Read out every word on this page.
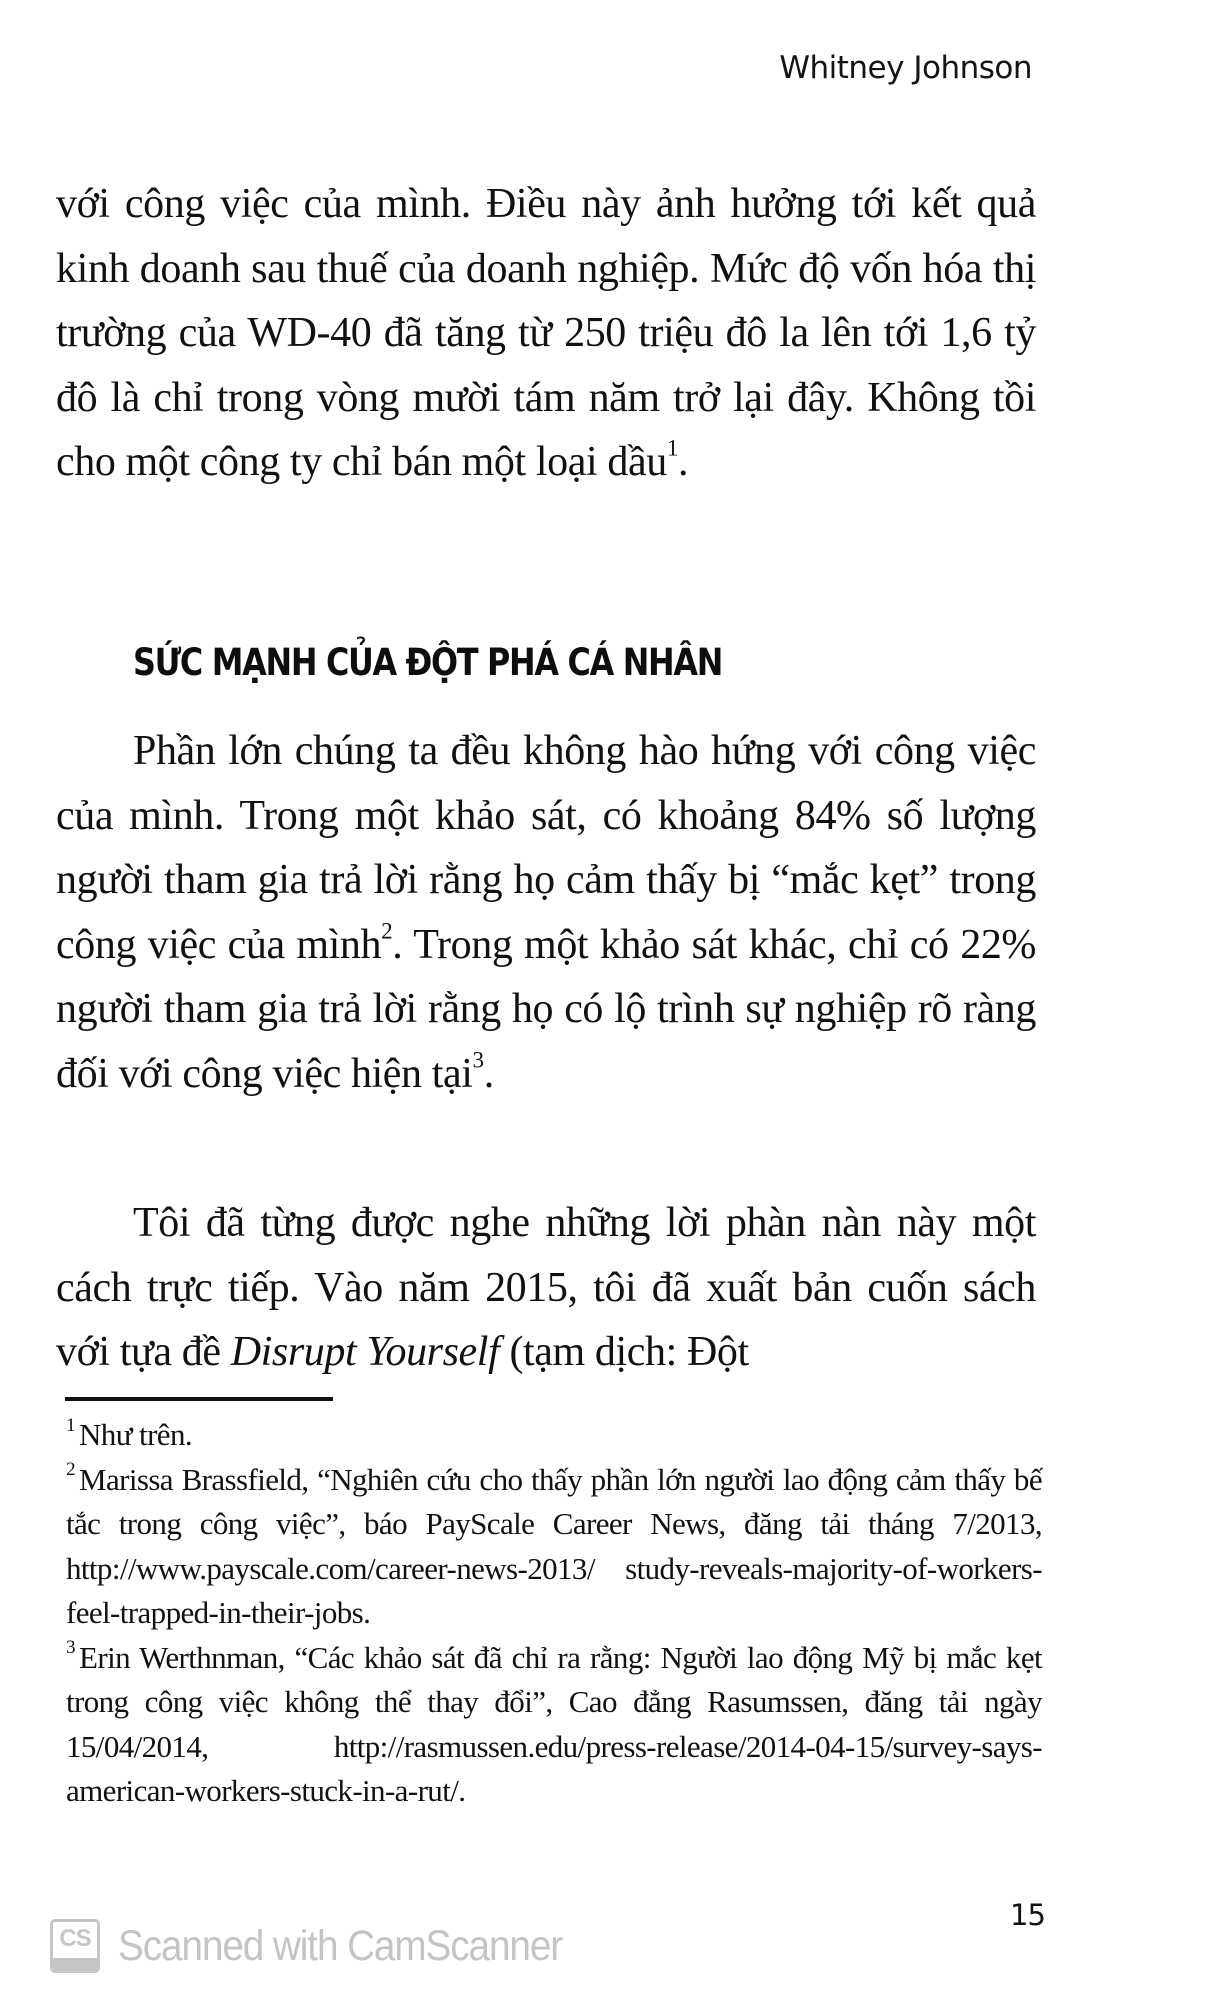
Whitney Johnson

với công việc của mình. Điều này ảnh hưởng tới kết quả kinh doanh sau thuế của doanh nghiệp. Mức độ vốn hóa thị trường của WD-40 đã tăng từ 250 triệu đô la lên tới 1,6 tỷ đô là chỉ trong vòng mười tám năm trở lại đây. Không tồi cho một công ty chỉ bán một loại dầu$^1$.

SỨC MẠNH CỦA ĐỘT PHÁ CÁ NHÂN

Phần lớn chúng ta đều không hào hứng với công việc của mình. Trong một khảo sát, có khoảng 84% số lượng người tham gia trả lời rằng họ cảm thấy bị “mắc kẹt” trong công việc của mình$^2$. Trong một khảo sát khác, chỉ có 22% người tham gia trả lời rằng họ có lộ trình sự nghiệp rõ ràng đối với công việc hiện tại$^3$.

Tôi đã từng được nghe những lời phàn nàn này một cách trực tiếp. Vào năm 2015, tôi đã xuất bản cuốn sách với tựa đề Disrupt Yourself (tạm dịch: Đột

$^1$ Như trên.

$^2$ Marissa Brassfield, “Nghiên cứu cho thấy phần lớn người lao động cảm thấy bế tắc trong công việc”, báo PayScale Career News, đăng tải tháng 7/2013, http://www.payscale.com/career-news-2013/ study-reveals-majority-of-workers-feel-trapped-in-their-jobs.

$^3$ Erin Werthnman, “Các khảo sát đã chỉ ra rằng: Người lao động Mỹ bị mắc kẹt trong công việc không thể thay đổi”, Cao đẳng Rasumssen, đăng tải ngày 15/04/2014, http://rasmussen.edu/press-release/2014-04-15/survey-says-american-workers-stuck-in-a-rut/.

15
CS Scanned with CamScanner
